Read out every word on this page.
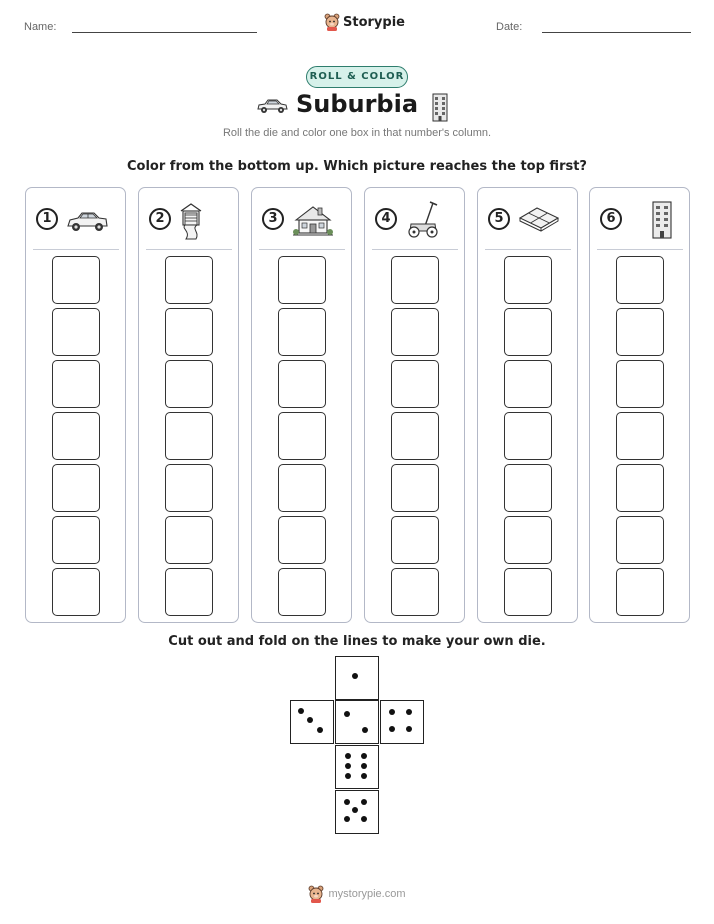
Name:	Storypie	Date:
ROLL & COLOR
Suburbia
Roll the die and color one box in that number's column.
Color from the bottom up. Which picture reaches the top first?
1	2	3	4	5	6
Cut out and fold on the lines to make your own die.
mystorypie.com
